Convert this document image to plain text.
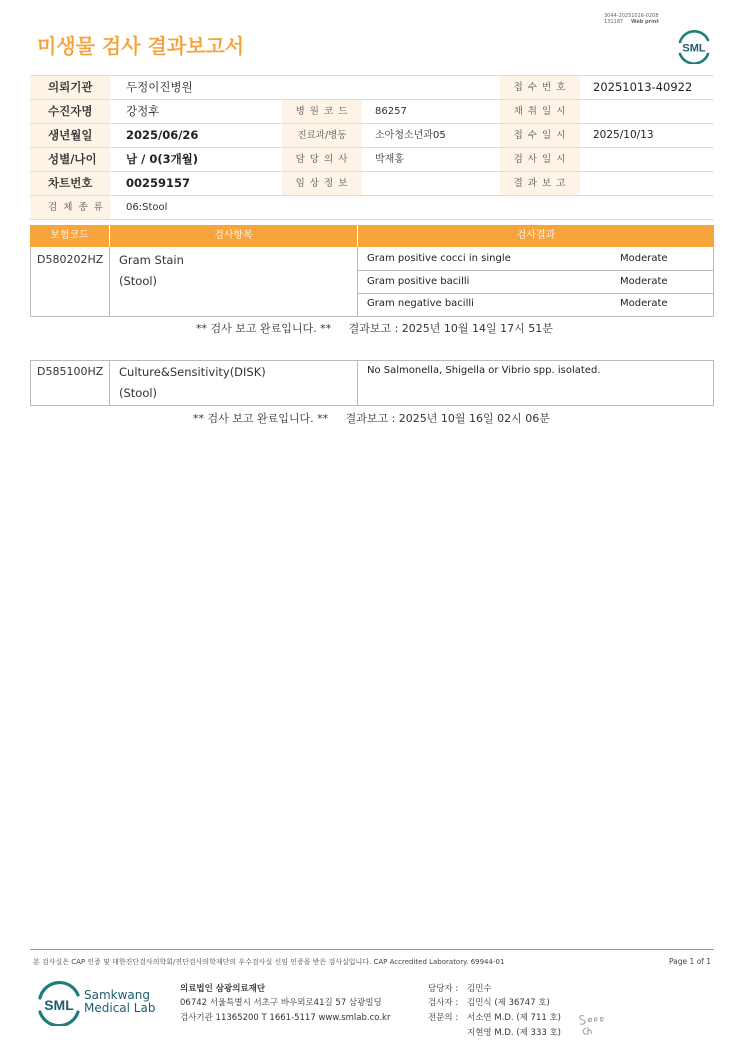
미생물 검사 결과보고서
3044-20251016-0208
131187 Web print
SML
의뢰기관	두정이진병원	접 수 번 호	20251013-40922
수진자명	강정후	병 원 코 드	86257	채 취 일 시
생년월일	2025/06/26	진료과/병동	소아청소년과05	접 수 일 시	2025/10/13
성별/나이	남 / 0(3개월)	담 당 의 사	박재홍	검 사 일 시
차트번호	00259157	임 상 정 보	결 과 보 고
검 체 종 류	06:Stool
보험코드	검사항목	검사결과
D580202HZ Gram Stain
(Stool)
Gram positive cocci in single	Moderate
Gram positive bacilli	Moderate
Gram negative bacilli	Moderate
** 검사 보고 완료입니다. **     결과보고 : 2025년 10월 14일 17시 51분
D585100HZ Culture&Sensitivity(DISK)
(Stool)
No Salmonella, Shigella or Vibrio spp. isolated.
** 검사 보고 완료입니다. **     결과보고 : 2025년 10월 16일 02시 06분
본 검사실은 CAP 인증 및 대한진단검사의학회/진단검사의학재단의 우수검사실 신임 인증을 받은 검사실입니다. CAP Accredited Laboratory. 69944-01	Page 1 of 1
SML
Samkwang
Medical Lab
의료법인 삼광의료재단
06742 서울특별시 서초구 바우뫼로41길 57 삼광빌딩
검사기관 11365200 T 1661-5117 www.smlab.co.kr
담당자 : 김민수
검사자 : 김민식 (제 36747 호)
전문의 : 서소연 M.D. (제 711 호)
지현영 M.D. (제 333 호)
